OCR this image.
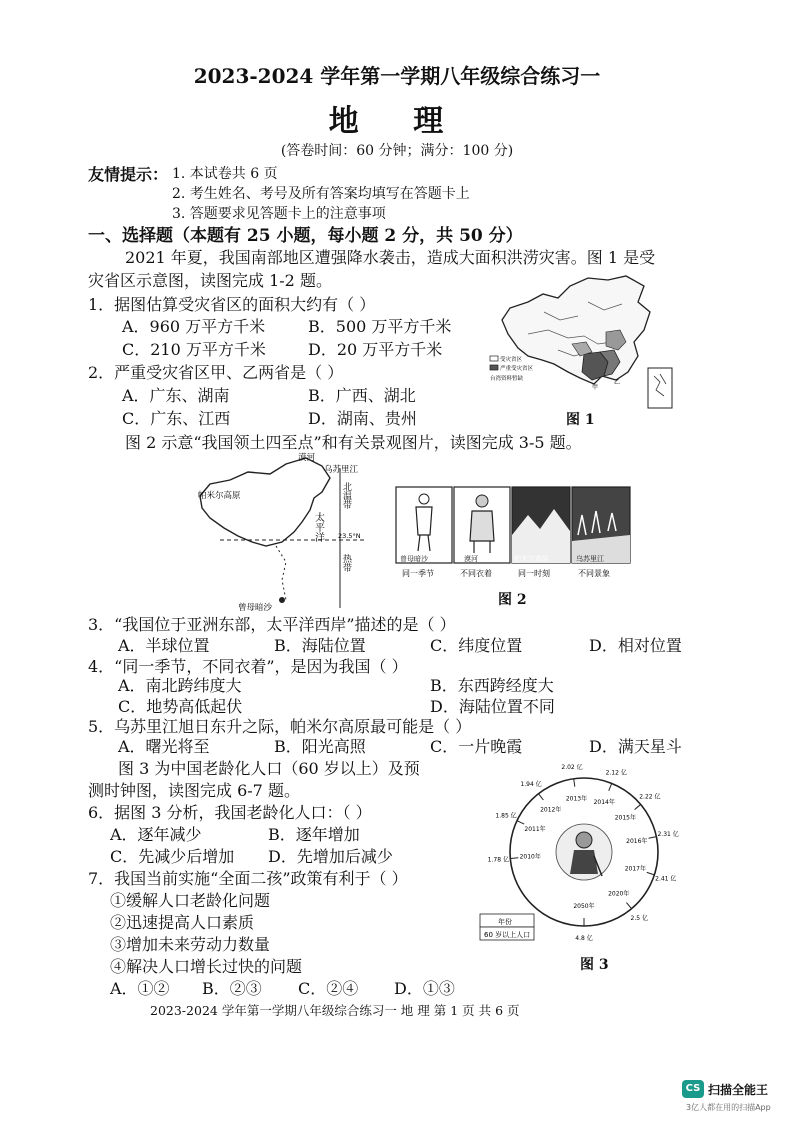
2023-2024 学年第一学期八年级综合练习一
地 理
(答卷时间：60 分钟；满分：100 分)
友情提示： 1. 本试卷共 6 页
2. 考生姓名、考号及所有答案均填写在答题卡上
3. 答题要求见答题卡上的注意事项
一、选择题（本题有 25 小题，每小题 2 分，共 50 分）
2021 年夏，我国南部地区遭强降水袭击，造成大面积洪涝灾害。图 1 是受
灾省区示意图，读图完成 1-2 题。
1．据图估算受灾省区的面积大约有（ ）
A．960 万平方千米	B．500 万平方千米
C．210 万平方千米	D．20 万平方千米
2．严重受灾省区甲、乙两省是（ ）
A．广东、湖南	B．广西、湖北
C．广东、江西	D．湖南、贵州
受灾省区
严重受灾省区
台湾资料暂缺
甲
乙
图 1
图 2 示意“我国领土四至点”和有关景观图片，读图完成 3-5 题。
漠河
乌苏里江
帕米尔高原
太平洋
北温带
热带
23.5°N
曾母暗沙
曾母暗沙	漠河	帕米尔高原	乌苏里江
同一季节	不同衣着	同一时刻	不同景象
图 2
3．“我国位于亚洲东部，太平洋西岸”描述的是（ ）
A．半球位置	B．海陆位置	C．纬度位置	D．相对位置
4．“同一季节，不同衣着”，是因为我国（ ）
A．南北跨纬度大	B．东西跨经度大
C．地势高低起伏	D．海陆位置不同
5．乌苏里江旭日东升之际，帕米尔高原最可能是（ ）
A．曙光将至	B．阳光高照	C．一片晚霞	D．满天星斗
图 3 为中国老龄化人口（60 岁以上）及预
测时钟图，读图完成 6-7 题。
6．据图 3 分析，我国老龄化人口：（ ）
A．逐年减少	B．逐年增加
C．先减少后增加 D．先增加后减少
7．我国当前实施“全面二孩”政策有利于（ ）
①缓解人口老龄化问题
②迅速提高人口素质
③增加未来劳动力数量
④解决人口增长过快的问题
A．①② B．②③ C．②④ D．①③
2010年
1.78 亿
2011年
1.85 亿
2012年
1.94 亿
2013年
2.02 亿
2014年
2.12 亿
2015年
2.22 亿
2016年
2.31 亿
2017年
2.41 亿
2020年
2.5 亿
2050年
4.8 亿
年份
60 岁以上人口
图 3
2023-2024 学年第一学期八年级综合练习一 地 理 第 1 页 共 6 页
CS 扫描全能王
3亿人都在用的扫描App
